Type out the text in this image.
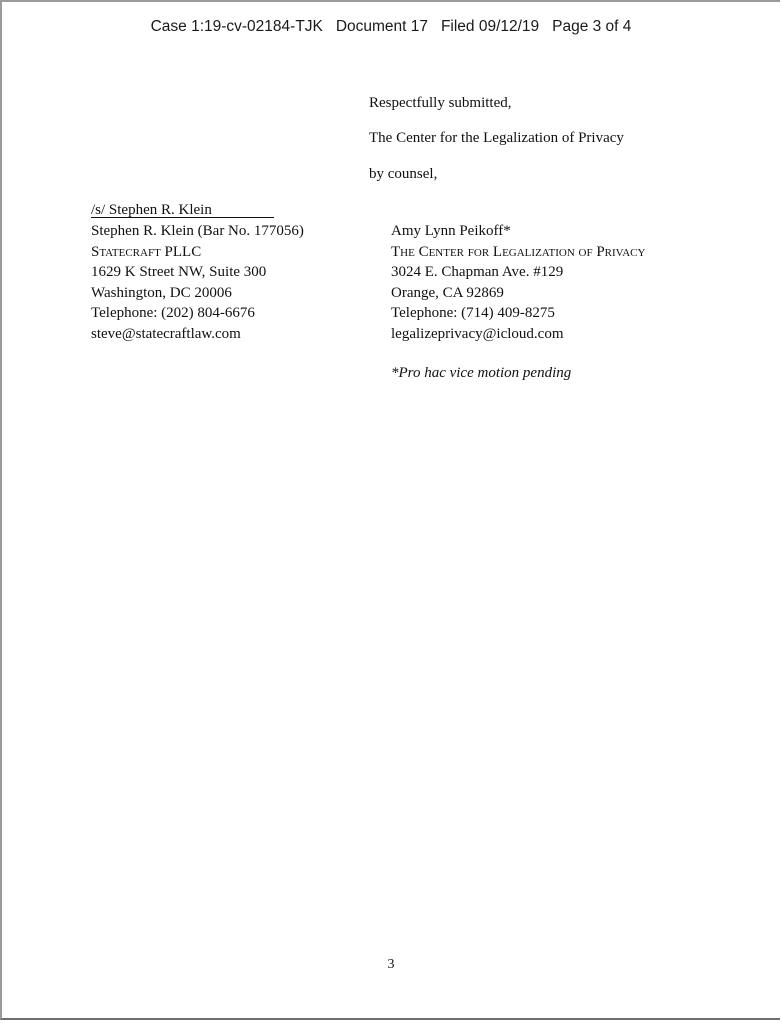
Case 1:19-cv-02184-TJK Document 17 Filed 09/12/19 Page 3 of 4
Respectfully submitted,
The Center for the Legalization of Privacy
by counsel,
/s/ Stephen R. Klein
Stephen R. Klein (Bar No. 177056)
Statecraft PLLC
1629 K Street NW, Suite 300
Washington, DC 20006
Telephone: (202) 804-6676
steve@statecraftlaw.com
Amy Lynn Peikoff*
The Center for Legalization of Privacy
3024 E. Chapman Ave. #129
Orange, CA 92869
Telephone: (714) 409-8275
legalizeprivacy@icloud.com
*Pro hac vice motion pending
3
